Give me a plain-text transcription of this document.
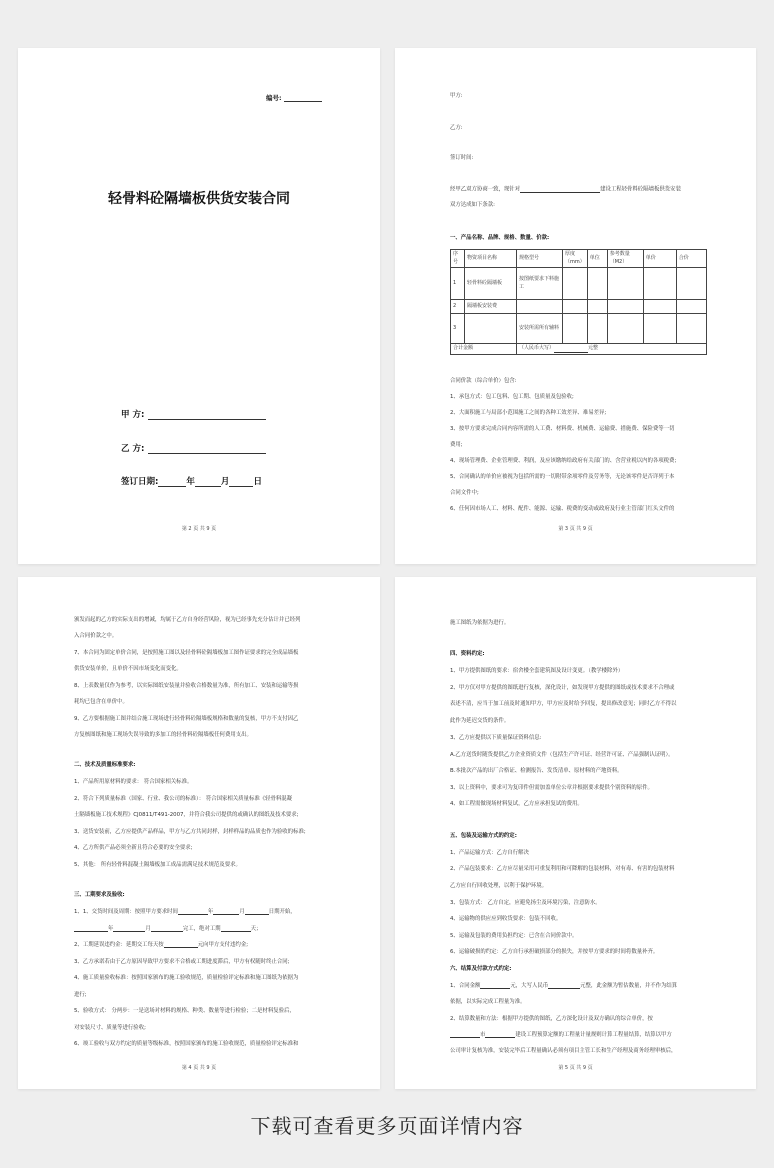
编号:
轻骨料砼隔墙板供货安装合同
甲 方:
乙 方:
签订日期:	年	月	日
第 2 页 共 9 页
甲方:
乙方:
签订时间:
经甲乙双方协商一致，现针对	建设工程轻骨料砼隔墙板供货安装
双方达成如下条款:
一、产品名称、品牌、规格、数量、价款:
序号	物资项目名称	规格型号	厚度（mm）	单位	参考数量（M2）	单价	合价
1	轻骨料砼隔墙板	按图纸要求下料施工					
2	隔墙板安装费						
3		安装所需所有辅料					
合计金额		（人民币大写） 元整					
合同价款（综合单价）包含:
1、承包方式：包工包料、包工期、包质量及包验收;
2、大面积施工与局部小范围施工之间的各种工效差异、难易差异;
3、按甲方要求完成合同内容所需的人工费、材料费、机械费、运输费、措施费、保险费等一切
费用;
4、现场管理费、企业管理费、利润，及应该缴纳给政府有关部门的、含营业税以内的各项税费;
5、合同确认的单价应被视为包括所需的一切附带余项零件及劳务等，无论该零件是否详列于本
合同文件中;
6、任何因市场人工、材料、配件、能源、运输、税费的变动或政府及行业主管部门红头文件的
第 3 页 共 9 页
颁发而起的乙方的实际支出的增减，均属于乙方自身经营风险，视为已经事先充分估计并已经列
入合同价款之中。
7、本合同为固定单价合同，是按照施工图以及轻骨料砼隔墙板加工图作证要求的完全成品墙板
供货安装单价，且单价不因市场变化而变化。
8、上表数量仅作为参考，以实际图纸安装量并验收合格数量为准，所有加工、安装和运输等损
耗均已包含在单价中。
9、乙方要根据施工图并结合施工现场进行轻骨料砼隔墙板规格和数量的复核，甲方不支付因乙
方复核图纸和施工现场失误导致的多加工的轻骨料砼隔墙板任何费用支出。
二、技术及质量标准要求:
1、产品所用原材料的要求： 符合国家相关标准。
2、符合下列质量标准（国家、行业、我公司的标准）： 符合国家相关质量标准《轻骨料混凝
土隔墙板施工技术规程》CJ0811/T491-2007，并符合我公司提供的或确认的图纸及技术要求;
3、送货安装前，乙方应提供产品样品，甲方与乙方共同封样，封样样品的品质也作为验收的标准;
4、乙方所供产品必须全新且符合必要的安全要求;
5、其他： 所有轻骨料混凝土隔墙板加工成品需满足技术规范及要求。
三、工期要求及验收:
1、1、交货时间及周期：按照甲方要求时间	年	月	日期开始，
年	月	完工，绝对工期	天；
2、工期延误违约金：延期交工每天按	元向甲方支付违约金;
3、乙方承诺若由于乙方原因导致甲方要求不合格或工期进度滞后，甲方有权随时终止合同;
4、施工质量验收标准：按照国家颁布的施工验收规范，质量检验评定标准和施工图纸为依据为
进行;
5、验收方式： 分两步：一是送场对材料的规格、种类、数量等进行检验；二是材料复验后，
对安装尺寸、质量等进行验收;
6、竣工验收与双方约定的质量等级标准，按照国家颁布的施工验收规范，质量检验评定标准和
第 4 页 共 9 页
施工图纸为依据为进行。
四、资料约定:
1、甲方提供图纸的要求：宿舍楼全套建筑图及设计变更。（教学楼除外）
2、甲方仅对甲方提供的图纸进行复核，深化设计，如发现甲方提供的图纸或技术要求不合理或
表述不清，应当于加工前及时通知甲方，甲方应及时给予回复，提出修改意见；同时乙方不得以
此作为延迟交货的条件。
3、乙方应提供以下质量保证资料信息:
A.乙方送货时随货提供乙方企业资质文件（包括生产许可证、经营许可证、产品强制认证明）。
B.本批次产品的出厂合格证、检测报告、发货清单、原材料的产地资料。
3、以上资料中，要求可为复印件但需加盖单位公章并根据要求提供个别资料的原件。
4、如工程需做现场材料复试，乙方应承担复试的费用。
五、包装及运输方式的约定:
1、产品运输方式：乙方自行解决
2、产品包装要求：乙方应尽量采用可重复利用和可降解的包装材料，对有毒、有害的包装材料
乙方应自行回收处理，以利于保护环境。
3、包装方式： 乙方自定，应避免扬尘及环境污染，注意防水。
4、运输物的供应应到收货要求：包装不回收。
5、运输及包装的费用负担约定：已含在合同价款中。
6、运输破损的约定：乙方自行承担破损部分的损失，并按甲方要求的时间将数量补齐。
六、结算及付款方式约定:
1、合同金额	元，大写人民币	元整，此金额为暂估数量，并不作为结算
依据，以实际完成工程量为准。
2、结算数量和方法：根据甲方提供的图纸，乙方深化设计及双方确认的综合单价，按
市	建设工程预算定额的工程量计量规则计算工程量结算，结算以甲方
公司审计复核为准，安装完毕后工程量确认必须有项目主管工长和生产经理及商务经理审核后，
第 5 页 共 9 页
下载可查看更多页面详情内容
